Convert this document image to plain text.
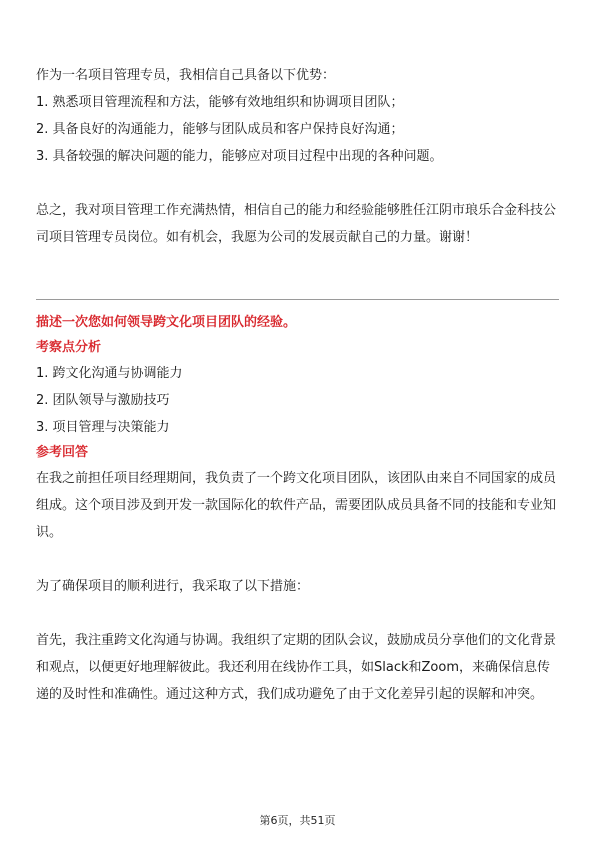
作为一名项目管理专员，我相信自己具备以下优势：

1. 熟悉项目管理流程和方法，能够有效地组织和协调项目团队；

2. 具备良好的沟通能力，能够与团队成员和客户保持良好沟通；

3. 具备较强的解决问题的能力，能够应对项目过程中出现的各种问题。

总之，我对项目管理工作充满热情，相信自己的能力和经验能够胜任江阴市琅乐合金科技公司项目管理专员岗位。如有机会，我愿为公司的发展贡献自己的力量。谢谢！

描述一次您如何领导跨文化项目团队的经验。

考察点分析

1. 跨文化沟通与协调能力

2. 团队领导与激励技巧

3. 项目管理与决策能力

参考回答

在我之前担任项目经理期间，我负责了一个跨文化项目团队，该团队由来自不同国家的成员组成。这个项目涉及到开发一款国际化的软件产品，需要团队成员具备不同的技能和专业知识。

为了确保项目的顺利进行，我采取了以下措施：

首先，我注重跨文化沟通与协调。我组织了定期的团队会议，鼓励成员分享他们的文化背景和观点，以便更好地理解彼此。我还利用在线协作工具，如Slack和Zoom，来确保信息传递的及时性和准确性。通过这种方式，我们成功避免了由于文化差异引起的误解和冲突。

第6页，共51页
